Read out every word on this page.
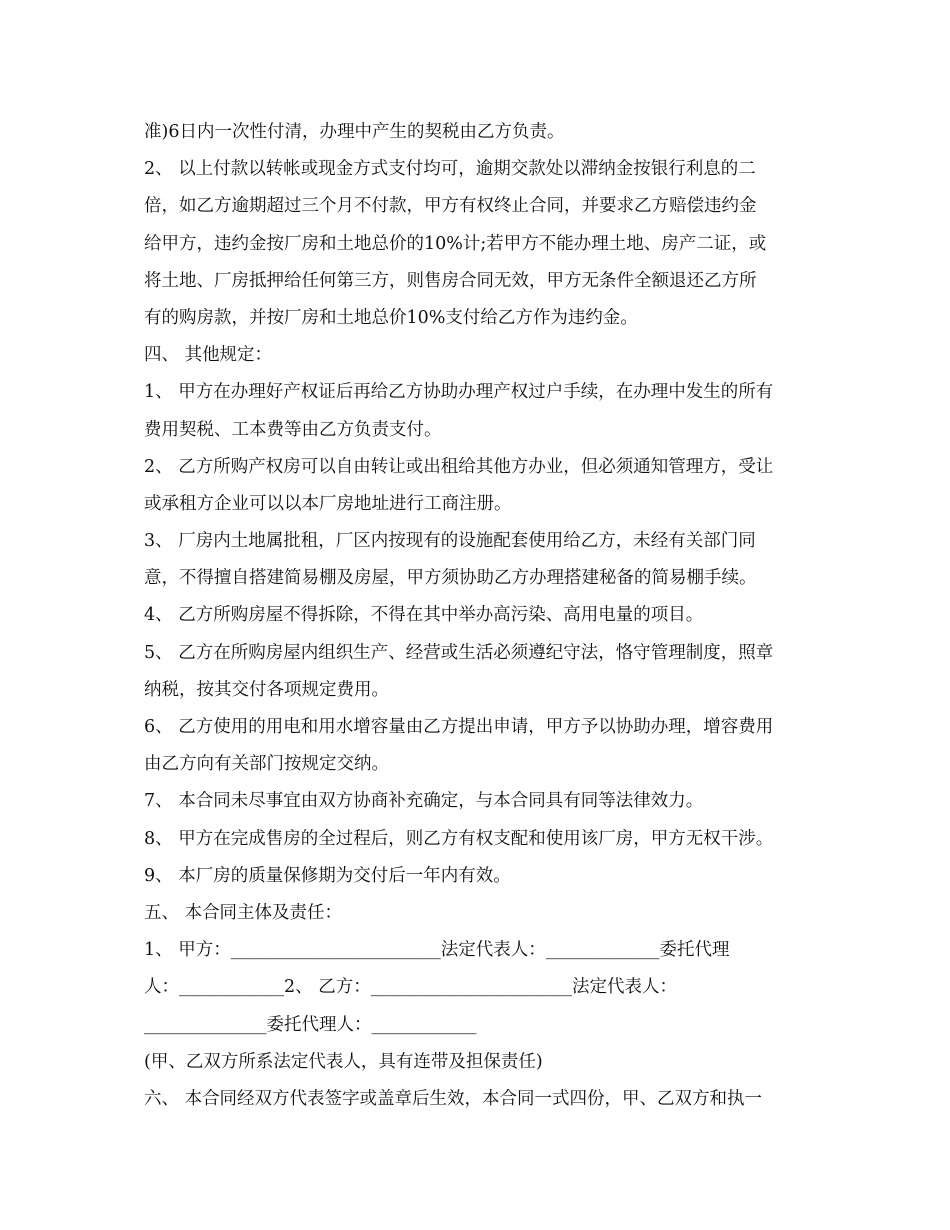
准)6日内一次性付清，办理中产生的契税由乙方负责。
2、 以上付款以转帐或现金方式支付均可，逾期交款处以滞纳金按银行利息的二
倍，如乙方逾期超过三个月不付款，甲方有权终止合同，并要求乙方赔偿违约金
给甲方，违约金按厂房和土地总价的10%计;若甲方不能办理土地、房产二证，或
将土地、厂房抵押给任何第三方，则售房合同无效，甲方无条件全额退还乙方所
有的购房款，并按厂房和土地总价10%支付给乙方作为违约金。
四、 其他规定：
1、 甲方在办理好产权证后再给乙方协助办理产权过户手续，在办理中发生的所有
费用契税、工本费等由乙方负责支付。
2、 乙方所购产权房可以自由转让或出租给其他方办业，但必须通知管理方，受让
或承租方企业可以以本厂房地址进行工商注册。
3、 厂房内土地属批租，厂区内按现有的设施配套使用给乙方，未经有关部门同
意，不得擅自搭建简易棚及房屋，甲方须协助乙方办理搭建秘备的简易棚手续。
4、 乙方所购房屋不得拆除，不得在其中举办高污染、高用电量的项目。
5、 乙方在所购房屋内组织生产、经营或生活必须遵纪守法，恪守管理制度，照章
纳税，按其交付各项规定费用。
6、 乙方使用的用电和用水增容量由乙方提出申请，甲方予以协助办理，增容费用
由乙方向有关部门按规定交纳。
7、 本合同未尽事宜由双方协商补充确定，与本合同具有同等法律效力。
8、 甲方在完成售房的全过程后，则乙方有权支配和使用该厂房，甲方无权干涉。
9、 本厂房的质量保修期为交付后一年内有效。
五、 本合同主体及责任：
1、 甲方：________________________法定代表人：_____________委托代理
人：____________2、 乙方：_______________________法定代表人：
______________委托代理人：____________
(甲、乙双方所系法定代表人，具有连带及担保责任)
六、 本合同经双方代表签字或盖章后生效，本合同一式四份，甲、乙双方和执一
